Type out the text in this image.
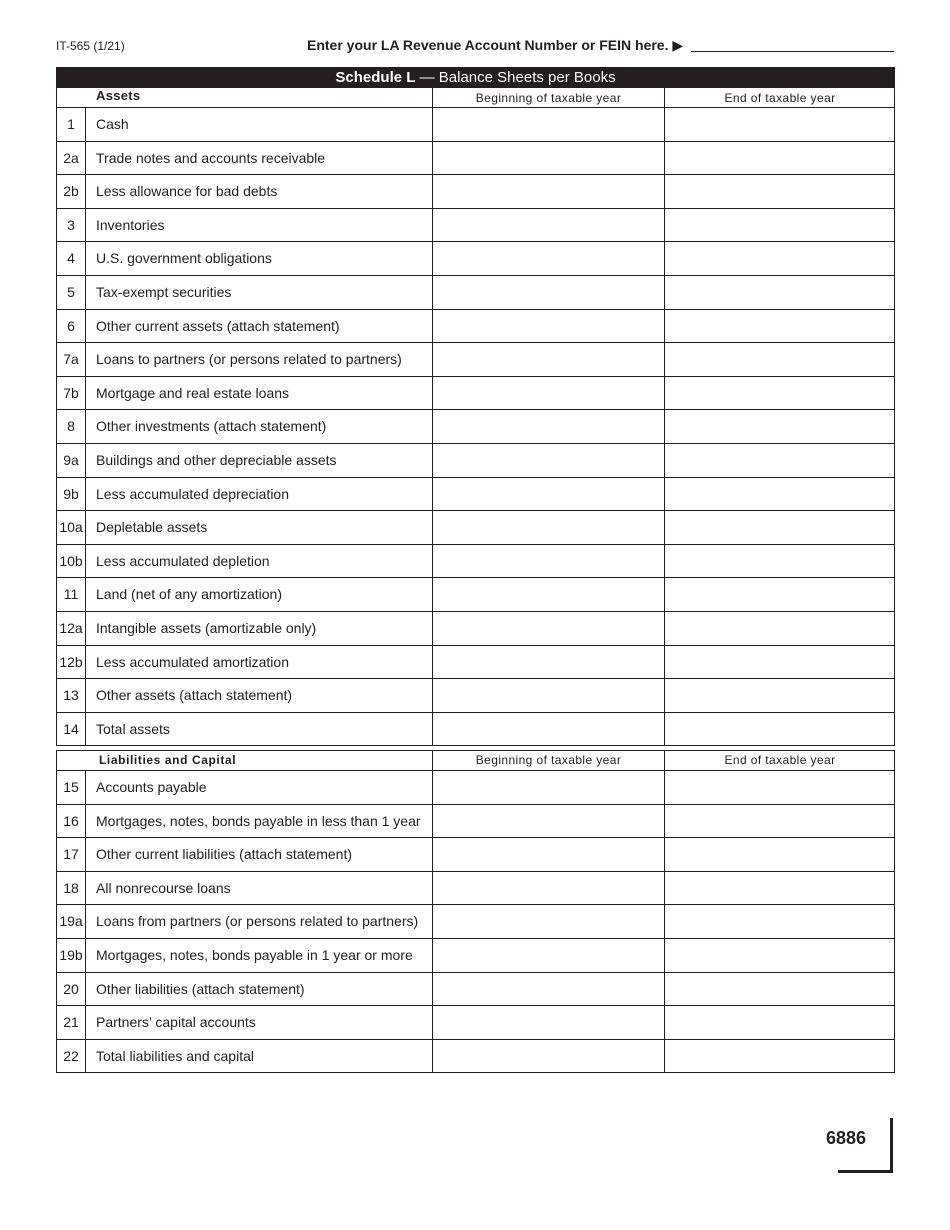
IT-565 (1/21)	Enter your LA Revenue Account Number or FEIN here. ▶
Schedule L — Balance Sheets per Books
Assets	Beginning of taxable year	End of taxable year
1	Cash
2a	Trade notes and accounts receivable
2b	Less allowance for bad debts
3	Inventories
4	U.S. government obligations
5	Tax-exempt securities
6	Other current assets (attach statement)
7a	Loans to partners (or persons related to partners)
7b	Mortgage and real estate loans
8	Other investments (attach statement)
9a	Buildings and other depreciable assets
9b	Less accumulated depreciation
10a Depletable assets
10b Less accumulated depletion
11	Land (net of any amortization)
12a Intangible assets (amortizable only)
12b Less accumulated amortization
13	Other assets (attach statement)
14	Total assets
Liabilities and Capital	Beginning of taxable year	End of taxable year
15	Accounts payable
16	Mortgages, notes, bonds payable in less than 1 year
17	Other current liabilities (attach statement)
18	All nonrecourse loans
19a Loans from partners (or persons related to partners)
19b Mortgages, notes, bonds payable in 1 year or more
20	Other liabilities (attach statement)
21	Partners’ capital accounts
22	Total liabilities and capital
6886
